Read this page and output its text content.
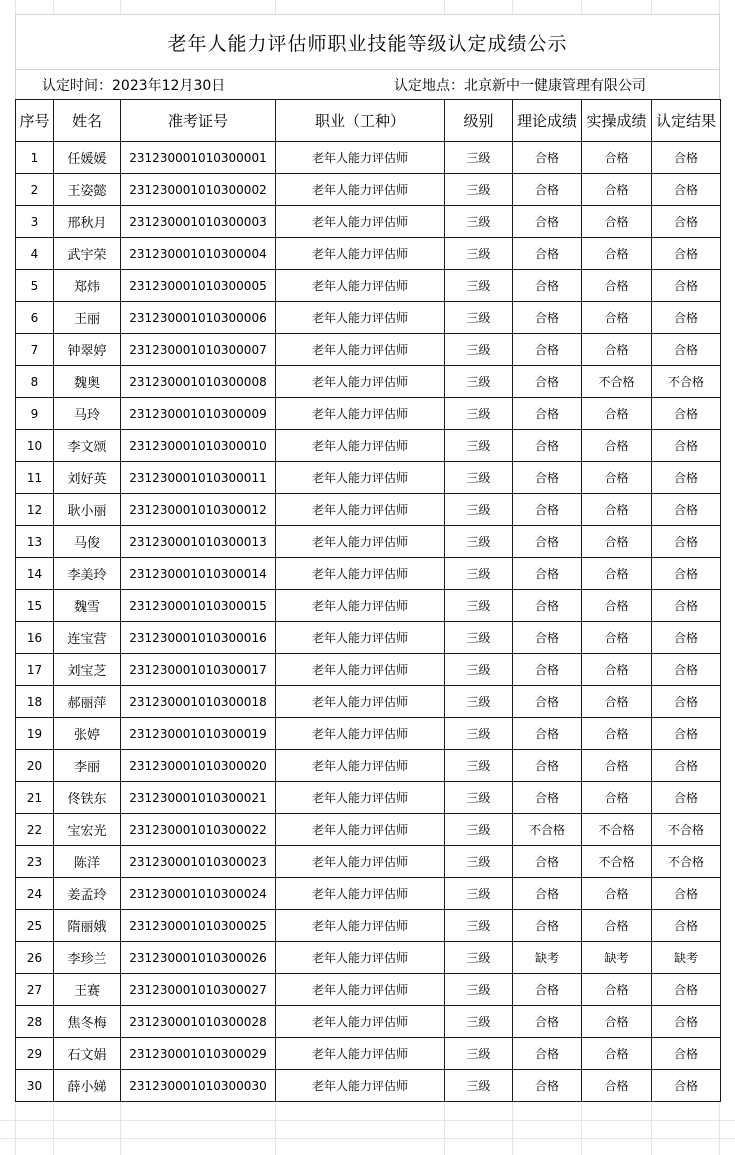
老年人能力评估师职业技能等级认定成绩公示
认定时间：2023年12月30日	认定地点：北京新中一健康管理有限公司
序号	姓名	准考证号	职业（工种）	级别	理论成绩	实操成绩	认定结果
1	任媛媛	231230001010300001	老年人能力评估师	三级	合格	合格	合格
2	王姿懿	231230001010300002	老年人能力评估师	三级	合格	合格	合格
3	邢秋月	231230001010300003	老年人能力评估师	三级	合格	合格	合格
4	武宇荣	231230001010300004	老年人能力评估师	三级	合格	合格	合格
5	郑炜	231230001010300005	老年人能力评估师	三级	合格	合格	合格
6	王丽	231230001010300006	老年人能力评估师	三级	合格	合格	合格
7	钟翠婷	231230001010300007	老年人能力评估师	三级	合格	合格	合格
8	魏奥	231230001010300008	老年人能力评估师	三级	合格	不合格	不合格
9	马玲	231230001010300009	老年人能力评估师	三级	合格	合格	合格
10	李文颂	231230001010300010	老年人能力评估师	三级	合格	合格	合格
11	刘好英	231230001010300011	老年人能力评估师	三级	合格	合格	合格
12	耿小丽	231230001010300012	老年人能力评估师	三级	合格	合格	合格
13	马俊	231230001010300013	老年人能力评估师	三级	合格	合格	合格
14	李美玲	231230001010300014	老年人能力评估师	三级	合格	合格	合格
15	魏雪	231230001010300015	老年人能力评估师	三级	合格	合格	合格
16	连宝营	231230001010300016	老年人能力评估师	三级	合格	合格	合格
17	刘宝芝	231230001010300017	老年人能力评估师	三级	合格	合格	合格
18	郝丽萍	231230001010300018	老年人能力评估师	三级	合格	合格	合格
19	张婷	231230001010300019	老年人能力评估师	三级	合格	合格	合格
20	李丽	231230001010300020	老年人能力评估师	三级	合格	合格	合格
21	佟铁东	231230001010300021	老年人能力评估师	三级	合格	合格	合格
22	宝宏光	231230001010300022	老年人能力评估师	三级	不合格	不合格	不合格
23	陈洋	231230001010300023	老年人能力评估师	三级	合格	不合格	不合格
24	姜孟玲	231230001010300024	老年人能力评估师	三级	合格	合格	合格
25	隋丽娥	231230001010300025	老年人能力评估师	三级	合格	合格	合格
26	李珍兰	231230001010300026	老年人能力评估师	三级	缺考	缺考	缺考
27	王赛	231230001010300027	老年人能力评估师	三级	合格	合格	合格
28	焦冬梅	231230001010300028	老年人能力评估师	三级	合格	合格	合格
29	石文娟	231230001010300029	老年人能力评估师	三级	合格	合格	合格
30	薛小娣	231230001010300030	老年人能力评估师	三级	合格	合格	合格
